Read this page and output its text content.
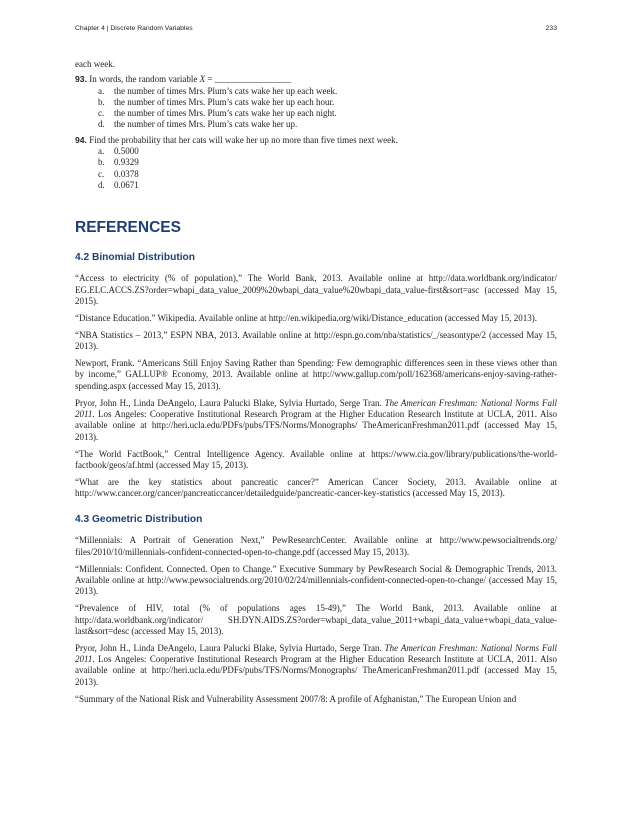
Chapter 4 | Discrete Random Variables	233

each week.

93. In words, the random variable X = _________________

a. the number of times Mrs. Plum’s cats wake her up each week.
b. the number of times Mrs. Plum’s cats wake her up each hour.
c. the number of times Mrs. Plum’s cats wake her up each night.
d. the number of times Mrs. Plum’s cats wake her up.

94. Find the probability that her cats will wake her up no more than five times next week.

a. 0.5000
b. 0.9329
c. 0.0378
d. 0.0671
REFERENCES
4.2 Binomial Distribution

“Access to electricity (% of population),” The World Bank, 2013. Available online at http://data.worldbank.org/indicator/ EG.ELC.ACCS.ZS?order=wbapi_data_value_2009%20wbapi_data_value%20wbapi_data_value-first&sort=asc (accessed May 15, 2015).

“Distance Education.” Wikipedia. Available online at http://en.wikipedia.org/wiki/Distance_education (accessed May 15, 2013).

“NBA Statistics – 2013,” ESPN NBA, 2013. Available online at http://espn.go.com/nba/statistics/_/seasontype/2 (accessed May 15, 2013).

Newport, Frank. “Americans Still Enjoy Saving Rather than Spending: Few demographic differences seen in these views other than by income,” GALLUP® Economy, 2013. Available online at http://www.gallup.com/poll/162368/americans-enjoy-saving-rather-spending.aspx (accessed May 15, 2013).

Pryor, John H., Linda DeAngelo, Laura Palucki Blake, Sylvia Hurtado, Serge Tran. The American Freshman: National Norms Fall 2011. Los Angeles: Cooperative Institutional Research Program at the Higher Education Research Institute at UCLA, 2011. Also available online at http://heri.ucla.edu/PDFs/pubs/TFS/Norms/Monographs/ TheAmericanFreshman2011.pdf (accessed May 15, 2013).

“The World FactBook,” Central Intelligence Agency. Available online at https://www.cia.gov/library/publications/the-world-factbook/geos/af.html (accessed May 15, 2013).

“What are the key statistics about pancreatic cancer?” American Cancer Society, 2013. Available online at http://www.cancer.org/cancer/pancreaticcancer/detailedguide/pancreatic-cancer-key-statistics (accessed May 15, 2013).

4.3 Geometric Distribution

“Millennials: A Portrait of Generation Next,” PewResearchCenter. Available online at http://www.pewsocialtrends.org/ files/2010/10/millennials-confident-connected-open-to-change.pdf (accessed May 15, 2013).

“Millennials: Confident. Connected. Open to Change.” Executive Summary by PewResearch Social & Demographic Trends, 2013. Available online at http://www.pewsocialtrends.org/2010/02/24/millennials-confident-connected-open-to-change/ (accessed May 15, 2013).

“Prevalence of HIV, total (% of populations ages 15-49),” The World Bank, 2013. Available online at http://data.worldbank.org/indicator/ SH.DYN.AIDS.ZS?order=wbapi_data_value_2011+wbapi_data_value+wbapi_data_value-last&sort=desc (accessed May 15, 2013).

Pryor, John H., Linda DeAngelo, Laura Palucki Blake, Sylvia Hurtado, Serge Tran. The American Freshman: National Norms Fall 2011. Los Angeles: Cooperative Institutional Research Program at the Higher Education Research Institute at UCLA, 2011. Also available online at http://heri.ucla.edu/PDFs/pubs/TFS/Norms/Monographs/ TheAmericanFreshman2011.pdf (accessed May 15, 2013).

“Summary of the National Risk and Vulnerability Assessment 2007/8: A profile of Afghanistan,” The European Union and
